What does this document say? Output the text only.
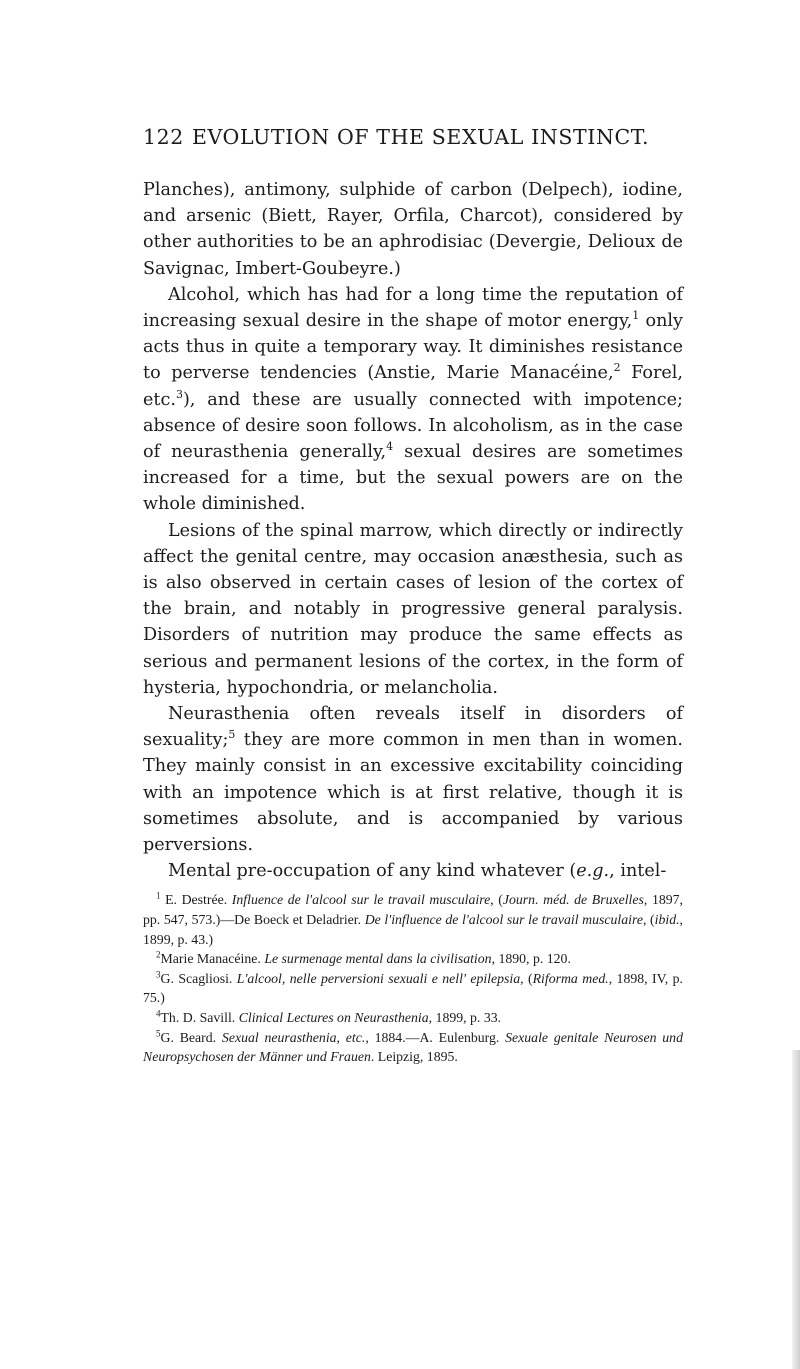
122 EVOLUTION OF THE SEXUAL INSTINCT.

Planches), antimony, sulphide of carbon (Delpech), iodine, and arsenic (Biett, Rayer, Orfila, Charcot), considered by other authorities to be an aphrodisiac (Devergie, Delioux de Savignac, Imbert-Goubeyre.)

Alcohol, which has had for a long time the reputation of increasing sexual desire in the shape of motor energy,$^1$ only acts thus in quite a temporary way. It diminishes resistance to perverse tendencies (Anstie, Marie Manacéine,$^2$ Forel, etc.$^3$), and these are usually connected with impotence; absence of desire soon follows. In alcoholism, as in the case of neurasthenia generally,$^4$ sexual desires are sometimes increased for a time, but the sexual powers are on the whole diminished.

Lesions of the spinal marrow, which directly or indirectly affect the genital centre, may occasion anæsthesia, such as is also observed in certain cases of lesion of the cortex of the brain, and notably in progressive general paralysis. Disorders of nutrition may produce the same effects as serious and permanent lesions of the cortex, in the form of hysteria, hypochondria, or melancholia.

Neurasthenia often reveals itself in disorders of sexuality;$^5$ they are more common in men than in women. They mainly consist in an excessive excitability coinciding with an impotence which is at first relative, though it is sometimes absolute, and is accompanied by various perversions.

Mental pre-occupation of any kind whatever (e.g., intel-

$^1$ E. Destrée. Influence de l'alcool sur le travail musculaire, (Journ. méd. de Bruxelles, 1897, pp. 547, 573.)—De Boeck et Deladrier. De l'influence de l'alcool sur le travail musculaire, (ibid., 1899, p. 43.)

$^2$Marie Manacéine. Le surmenage mental dans la civilisation, 1890, p. 120.

$^3$G. Scagliosi. L'alcool, nelle perversioni sexuali e nell' epilepsia, (Riforma med., 1898, IV, p. 75.)

$^4$Th. D. Savill. Clinical Lectures on Neurasthenia, 1899, p. 33.

$^5$G. Beard. Sexual neurasthenia, etc., 1884.—A. Eulenburg. Sexuale genitale Neurosen und Neuropsychosen der Männer und Frauen. Leipzig, 1895.
